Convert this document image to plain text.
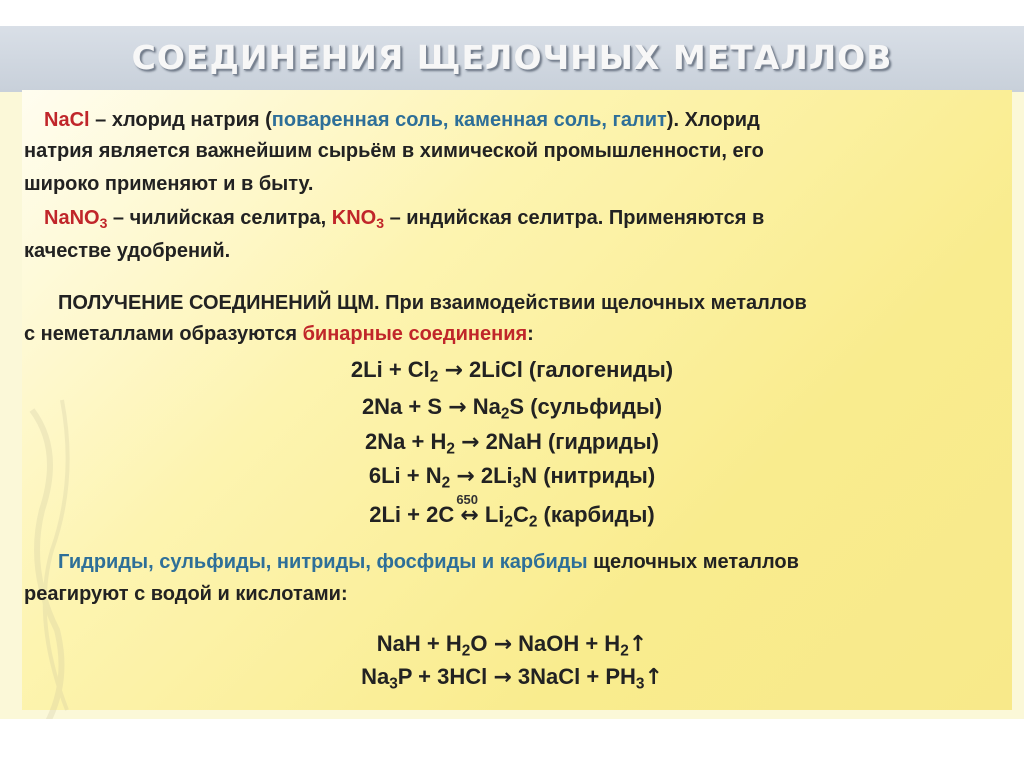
СОЕДИНЕНИЯ ЩЕЛОЧНЫХ МЕТАЛЛОВ
NaCl – хлорид натрия (поваренная соль, каменная соль, галит). Хлорид
натрия является важнейшим сырьём в химической промышленности, его
широко применяют и в быту.
NaNO$_3$ – чилийская селитра, $KNO_3$ – индийская селитра. Применяются в
качестве удобрений.
ПОЛУЧЕНИЕ СОЕДИНЕНИЙ ЩМ. При взаимодействии щелочных металлов
с неметаллами образуются бинарные соединения:
$2Li + Cl_2$ → 2LiCl (галогениды)
$2Na + S \to Na_2S$ (сульфиды)
$2Na + H_2 \to 2NaH$ (гидриды)
$6Li + N_2 \to 2Li_3N$ (нитриды)
2Li + 2C
650
↔ $Li_2C_2$ (карбиды)
Гидриды, сульфиды, нитриды, фосфиды и карбиды щелочных металлов
реагируют с водой и кислотами:
NaH + $H_2O$ → NaOH + $H_2↑$
$Na_3P + 3HCl$ → 3NaCl + $PH_3↑$
